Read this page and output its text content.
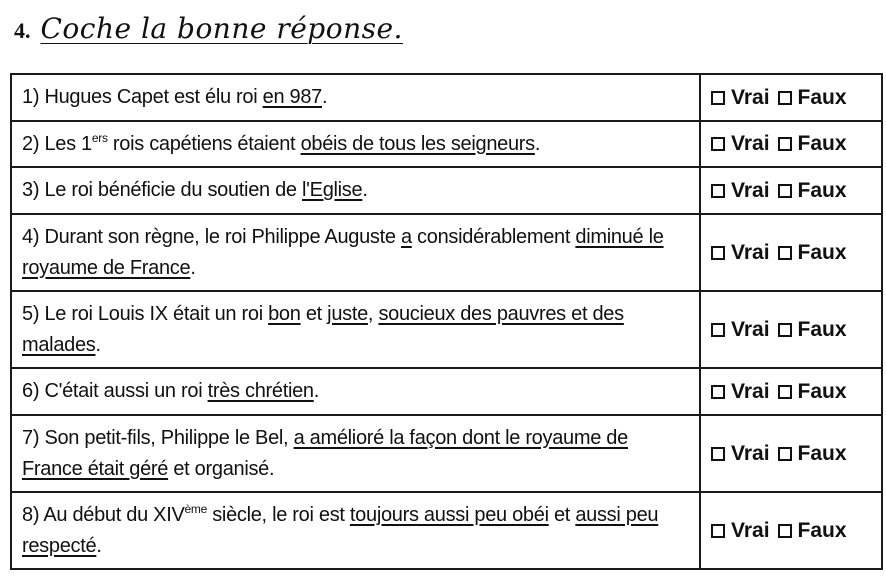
4. Coche la bonne réponse.
1) Hugues Capet est élu roi en 987.	Vrai Faux

2) Les 1ers rois capétiens étaient obéis de tous les seigneurs.	Vrai Faux

3) Le roi bénéficie du soutien de l'Eglise.	Vrai Faux

4) Durant son règne, le roi Philippe Auguste a considérablement diminué le royaume de France.	Vrai Faux

5) Le roi Louis IX était un roi bon et juste, soucieux des pauvres et des malades.	Vrai Faux

6) C'était aussi un roi très chrétien.	Vrai Faux

7) Son petit-fils, Philippe le Bel, a amélioré la façon dont le royaume de France était géré et organisé.	Vrai Faux

8) Au début du XIVème siècle, le roi est toujours aussi peu obéi et aussi peu respecté.	Vrai Faux
